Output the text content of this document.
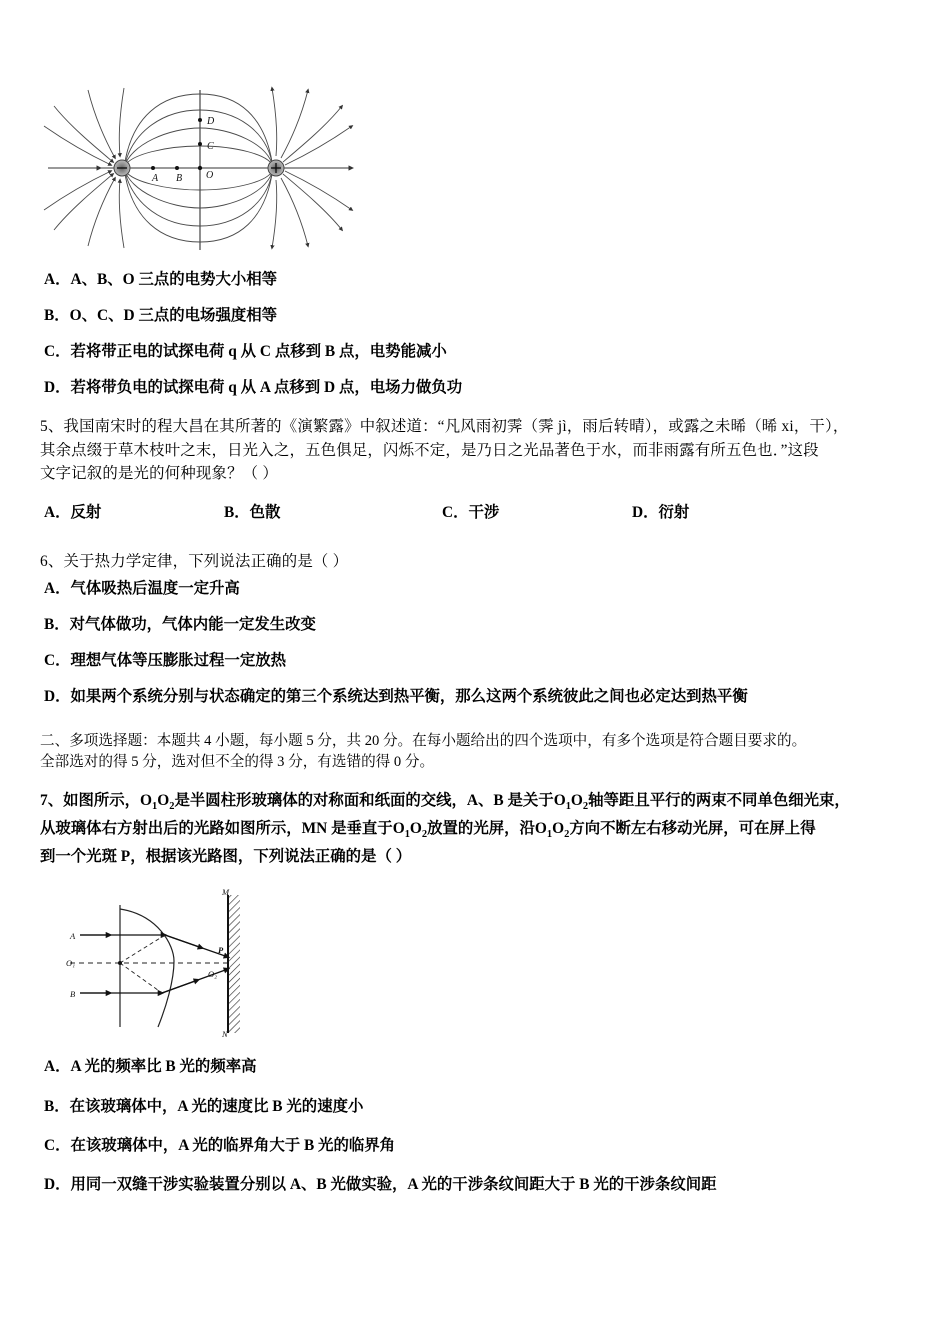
A B O
C
D
A．A、B、O 三点的电势大小相等
B．O、C、D 三点的电场强度相等
C．若将带正电的试探电荷 q 从 C 点移到 B 点，电势能减小
D．若将带负电的试探电荷 q 从 A 点移到 D 点，电场力做负功
5、我国南宋时的程大昌在其所著的《演繁露》中叙述道：“凡风雨初霁（霁 jì，雨后转晴），或露之未晞（晞 xi，干），
其余点缀于草木枝叶之末，日光入之，五色俱足，闪烁不定，是乃日之光品著色于水，而非雨露有所五色也．”这段
文字记叙的是光的何种现象？（ ）
A．反射	B．色散	C．干涉	D．衍射
6、关于热力学定律，下列说法正确的是（ ）
A．气体吸热后温度一定升高
B．对气体做功，气体内能一定发生改变
C．理想气体等压膨胀过程一定放热
D．如果两个系统分别与状态确定的第三个系统达到热平衡，那么这两个系统彼此之间也必定达到热平衡
二、多项选择题：本题共 4 小题，每小题 5 分，共 20 分。在每小题给出的四个选项中，有多个选项是符合题目要求的。
全部选对的得 5 分，选对但不全的得 3 分，有选错的得 0 分。
7、如图所示，$O_1O_2$是半圆柱形玻璃体的对称面和纸面的交线，A、B 是关于$O_1O_2$轴等距且平行的两束不同单色细光束，
从玻璃体右方射出后的光路如图所示，MN 是垂直于$O_1O_2$放置的光屏，沿$O_1O_2$方向不断左右移动光屏，可在屏上得
到一个光斑 P，根据该光路图，下列说法正确的是（ ）
A
B
O₁
O₂
P
M
N
A．A 光的频率比 B 光的频率高
B．在该玻璃体中，A 光的速度比 B 光的速度小
C．在该玻璃体中，A 光的临界角大于 B 光的临界角
D．用同一双缝干涉实验装置分别以 A、B 光做实验，A 光的干涉条纹间距大于 B 光的干涉条纹间距
